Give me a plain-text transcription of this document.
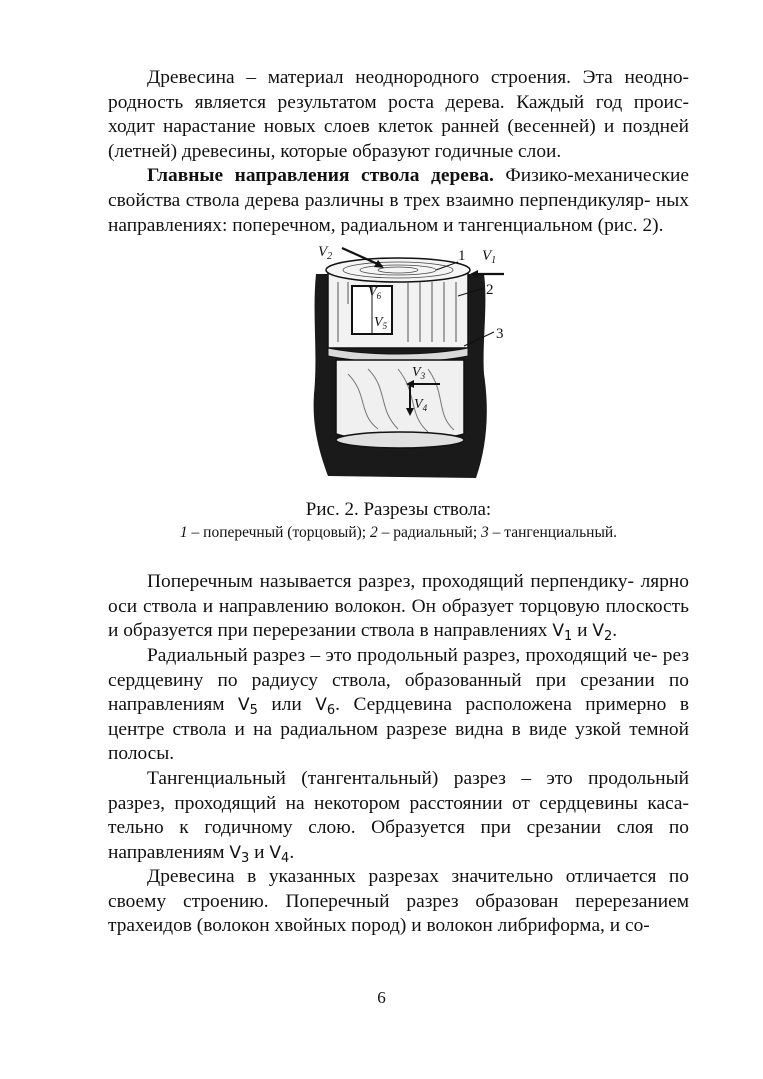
Древесина – материал неоднородного строения. Эта неодно- родность является результатом роста дерева. Каждый год проис- ходит нарастание новых слоев клеток ранней (весенней) и поздней (летней) древесины, которые образуют годичные слои.

Главные направления ствола дерева. Физико-механические свойства ствола дерева различны в трех взаимно перпендикуляр- ных направлениях: поперечном, радиальном и тангенциальном (рис. 2).

$V_2$	1 $V_1$
$V_6$	2
$V_5$	3
$V_3$
$V_4$

Рис. 2. Разрезы ствола:

1 – поперечный (торцовый); 2 – радиальный; 3 – тангенциальный.

Поперечным называется разрез, проходящий перпендику- лярно оси ствола и направлению волокон. Он образует торцовую плоскость и образуется при перерезании ствола в направлениях $V_1$ и $V_2$.

Радиальный разрез – это продольный разрез, проходящий че- рез сердцевину по радиусу ствола, образованный при срезании по направлениям $V_5$ или $V_6$. Сердцевина расположена примерно в центре ствола и на радиальном разрезе видна в виде узкой темной полосы.

Тангенциальный (тангентальный) разрез – это продольный разрез, проходящий на некотором расстоянии от сердцевины каса- тельно к годичному слою. Образуется при срезании слоя по направлениям $V_3$ и $V_4$.

Древесина в указанных разрезах значительно отличается по своему строению. Поперечный разрез образован перерезанием трахеидов (волокон хвойных пород) и волокон либриформа, и со-

6
